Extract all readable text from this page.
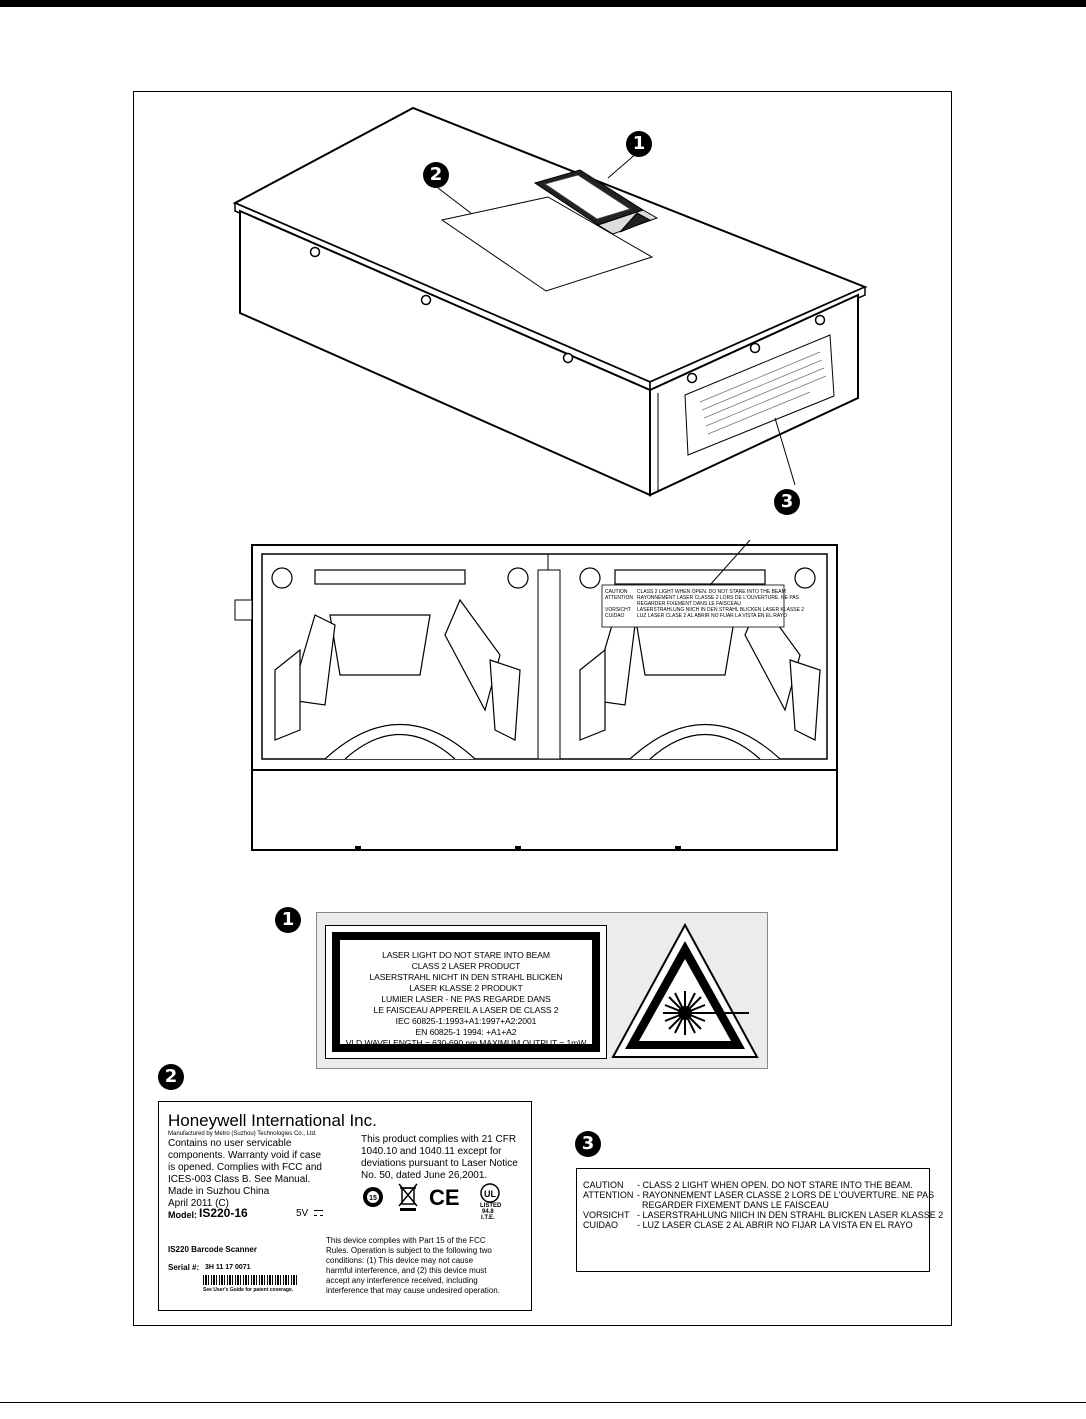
1
2
3
CAUTION
ATTENTION
VORSICHT
CUIDAO
CLASS 2 LIGHT WHEN OPEN. DO NOT STARE INTO THE BEAM
RAYONNEMENT LASER CLASSE 2 LORS DE L'OUVERTURE. NE PAS
REGARDER FIXEMENT DANS LE FAISCEAU
LASERSTRAHLUNG NIICH IN DEN STRAHL BLICKEN LASER KLASSE 2
LUZ LASER CLASE 2 AL ABRIR NO FIJAR LA VISTA EN EL RAYO
1
LASER LIGHT DO NOT STARE INTO BEAM
CLASS 2 LASER PRODUCT
LASERSTRAHL NICHT IN DEN STRAHL BLICKEN
LASER KLASSE 2 PRODUKT
LUMIER LASER - NE PAS REGARDE DANS
LE FAISCEAU APPEREIL A LASER DE CLASS 2
IEC 60825-1:1993+A1:1997+A2:2001
EN 60825-1 1994: +A1+A2
VLD WAVELENGTH = 630-690 nm MAXIMUM OUTPUT = 1mW
2
Honeywell International Inc.
Manufactured by Metro (Suzhou) Technologies Co., Ltd.
Contains no user servicable
components. Warranty void if case
is opened. Complies with FCC and
ICES-003 Class B. See Manual.
Made in Suzhou China
April 2011 (C)
Model: IS220-16	5V
This product complies with 21 CFR
1040.10 and 1040.11 except for
deviations pursuant to Laser Notice
No. 50, dated June 26,2001.
15 CE	UL
LISTED
94.8
I.T.E.
IS220 Barcode Scanner
Serial #: 3H 11 17 0071
See User's Guide for patent coverage.
This device complies with Part 15 of the FCC
Rules. Operation is subject to the following two
conditions: (1) This device may not cause
harmful interference, and (2) this device must
accept any interference received, including
interference that may cause undesired operation.
3
CAUTION - CLASS 2 LIGHT WHEN OPEN. DO NOT STARE INTO THE BEAM.
ATTENTION - RAYONNEMENT LASER CLASSE 2 LORS DE L'OUVERTURE. NE PAS
REGARDER FIXEMENT DANS LE FAISCEAU
VORSICHT - LASERSTRAHLUNG NIICH IN DEN STRAHL BLICKEN LASER KLASSE 2
CUIDAO - LUZ LASER CLASE 2 AL ABRIR NO FIJAR LA VISTA EN EL RAYO
